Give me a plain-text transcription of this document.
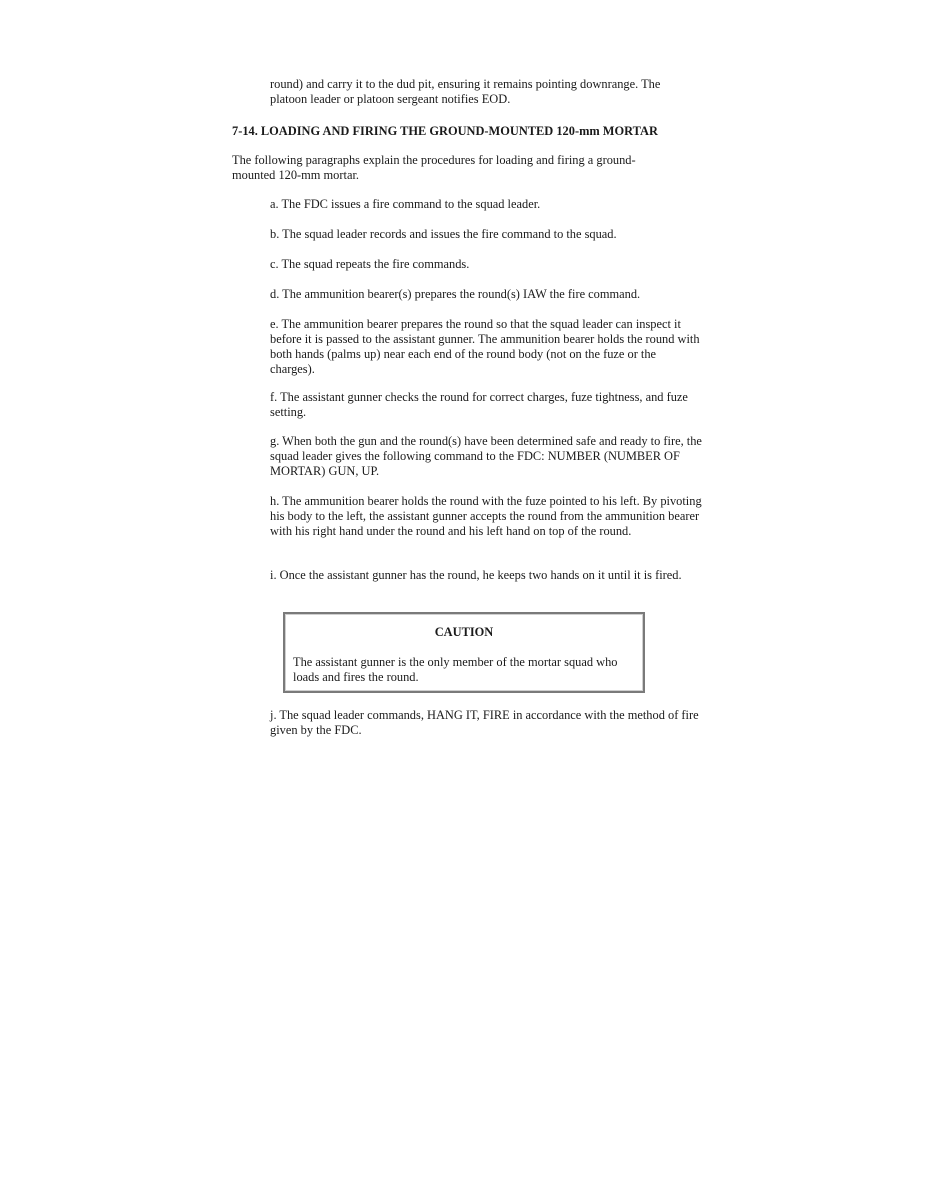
round) and carry it to the dud pit, ensuring it remains pointing downrange. The platoon leader or platoon sergeant notifies EOD.

7-14. LOADING AND FIRING THE GROUND-MOUNTED 120-mm MORTAR

The following paragraphs explain the procedures for loading and firing a ground-mounted 120-mm mortar.

a. The FDC issues a fire command to the squad leader.

b. The squad leader records and issues the fire command to the squad.

c. The squad repeats the fire commands.

d. The ammunition bearer(s) prepares the round(s) IAW the fire command.

e. The ammunition bearer prepares the round so that the squad leader can inspect it before it is passed to the assistant gunner. The ammunition bearer holds the round with both hands (palms up) near each end of the round body (not on the fuze or the charges).

f. The assistant gunner checks the round for correct charges, fuze tightness, and fuze setting.

g. When both the gun and the round(s) have been determined safe and ready to fire, the squad leader gives the following command to the FDC: NUMBER (NUMBER OF MORTAR) GUN, UP.

h. The ammunition bearer holds the round with the fuze pointed to his left. By pivoting his body to the left, the assistant gunner accepts the round from the ammunition bearer with his right hand under the round and his left hand on top of the round.

i. Once the assistant gunner has the round, he keeps two hands on it until it is fired.

CAUTION

The assistant gunner is the only member of the mortar squad who loads and fires the round.

j. The squad leader commands, HANG IT, FIRE in accordance with the method of fire given by the FDC.
